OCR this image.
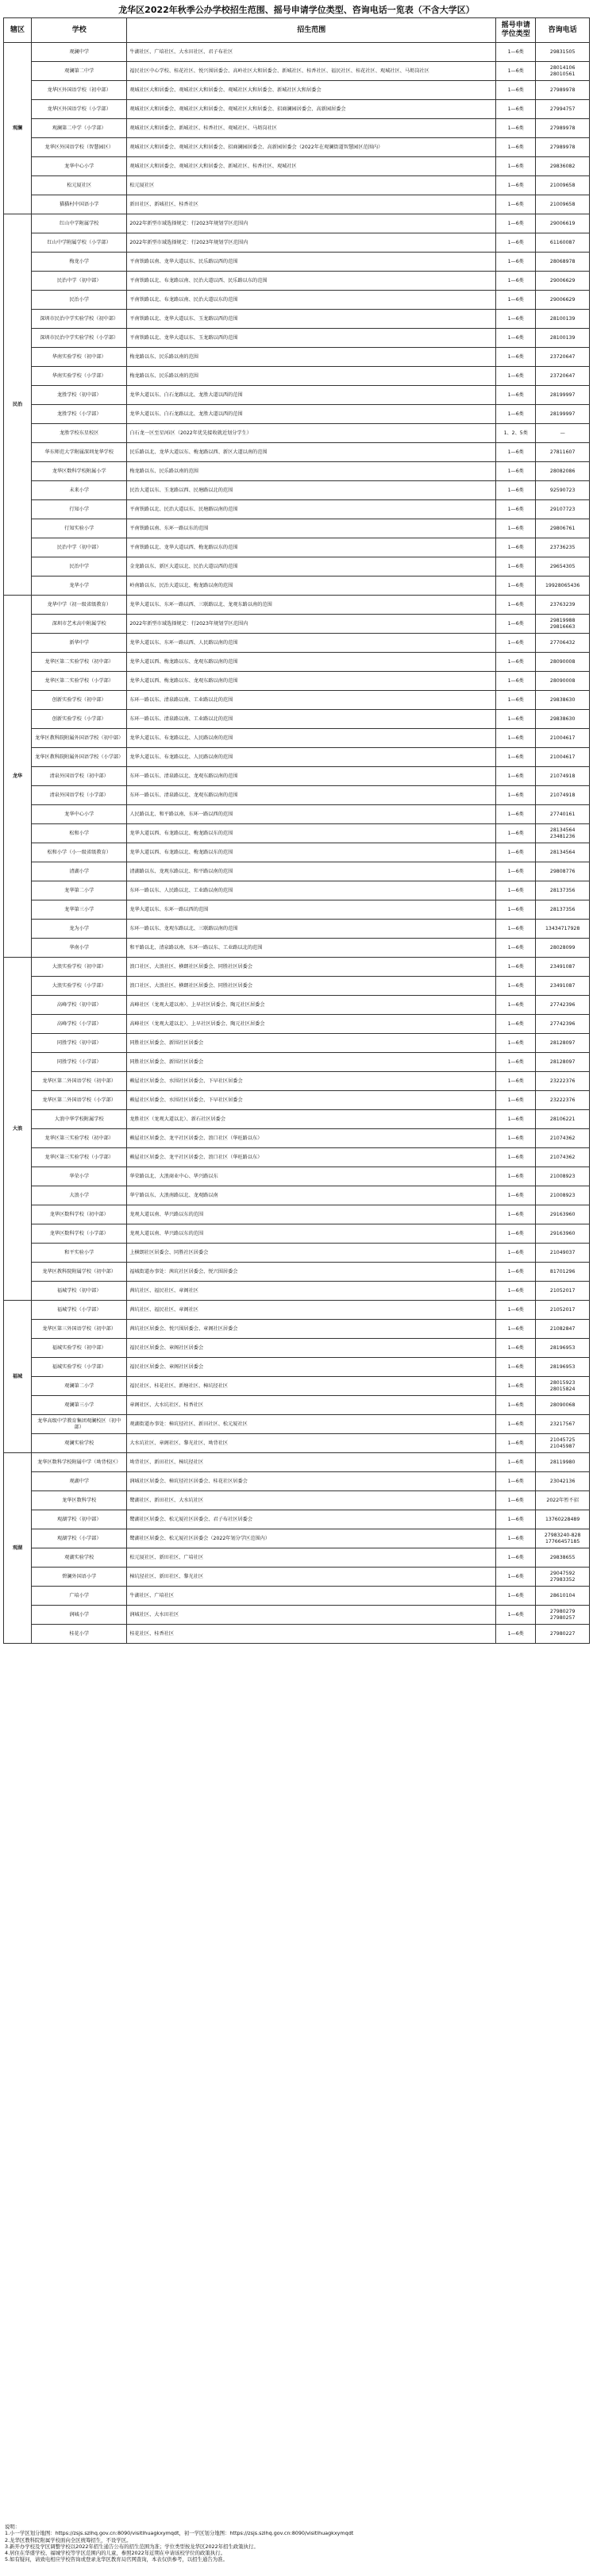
龙华区2022年秋季公办学校招生范围、摇号申请学位类型、咨询电话一览表（不含大学区）
辖区	学校	招生范围	摇号申请学位类型	咨询电话
观澜	观澜中学	牛湖社区、广培社区、大水田社区、君子布社区	1—6类	29831505
	观澜第二中学	福民社区中心学校、桂花社区、悦兴围居委会、高岭社区大和居委会、新城社区、桂香社区、福民社区、桂花社区、观城社区、马坜岗社区	1—6类	28014106
28010561
	龙华区外国语学校（初中部）	观城社区大和居委会、观城社区大和居委会、观城社区大和居委会、新城社区大和居委会	1—6类	27989978
	龙华区外国语学校（小学部）	观城社区大和居委会、观城社区大和居委会、观城社区大和居委会、招商澜园居委会、高新园居委会	1—6类	27994757
	观澜第二中学（小学部）	观城社区大和居委会、新城社区、桂香社区、观城社区、马坜岗社区	1—6类	27989978
	龙华区外国语学校（智慧园区）	观城社区大和居委会、观城社区大和居委会、招商澜园居委会、高新园居委会（2022年在观澜街道智慧园区范围内）	1—6类	27989978
	龙华中心小学	观城社区大和居委会、观城社区大和居委会、新城社区、桂香社区、观城社区	1—6类	29836082
	松元厦社区	松元厦社区	1—6类	21009658
	猫猫村中国语小学	新田社区、新城社区、桂香社区	1—6类	21009658
民治	红山中学附属学校	2022年新型市域选择规定：行2023年规划学区范围内	1—6类	29006619
	红山中学附属学校（小学部）	2022年新型市域选择规定：行2023年规划学区范围内	1—6类	61160087
	梅龙小学	平南铁路以南、龙华大道以东、民乐路以西的范围	1—6类	28068978
	民治中学（初中部）	平南铁路以北、布龙路以南、民治大道以西、民乐路以东的范围	1—6类	29006629
	民治小学	平南铁路以北、布龙路以南、民治大道以东的范围	1—6类	29006629
	深圳市民治中学实验学校（初中部）	平南铁路以北、龙华大道以东、玉龙路以西的范围	1—6类	28100139
	深圳市民治中学实验学校（小学部）	平南铁路以北、龙华大道以东、玉龙路以西的范围	1—6类	28100139
	华南实验学校（初中部）	梅龙路以东、民乐路以南的范围	1—6类	23720647
	华南实验学校（小学部）	梅龙路以东、民乐路以南的范围	1—6类	23720647
	龙胜学校（初中部）	龙华大道以东、白石龙路以北、龙胜大道以西的范围	1—6类	28199997
	龙胜学校（小学部）	龙华大道以东、白石龙路以北、龙胜大道以西的范围	1—6类	28199997
	龙胜学校东星校区	白石龙一区至星河ⅰ区（2022年优先接收就近划分学生）	1、2、5类	—
	华东师范大学附属深圳龙华学校	民乐路以北、龙华大道以东、梅龙路以西、新区大道以南的范围	1—6类	27811607
	龙华区数科学校附属小学	梅龙路以东、民乐路以南的范围	1—6类	28082086
	未来小学	民治大道以东、玉龙路以西、民塘路以北的范围	1—6类	92590723
	行知小学	平南铁路以北、民治大道以东、民塘路以南的范围	1—6类	29107723
	行知实验小学	平南铁路以南、东环一路以东的范围	1—6类	29806761
	民治中学（初中部）	平南铁路以北、龙华大道以西、梅龙路以东的范围	1—6类	23736235
	民治中学	金龙路以东、新区大道以北、民治大道以西的范围	1—6类	29654305
	龙华小学	岭南路以东、民治大道以北、梅龙路以南的范围	1—6类	19928065436
龙华	龙华中学（初一级省级教育）	龙华大道以东、东环一路以西、三联路以北、龙观东路以南的范围	1—6类	23763239
	深圳市艺术高中附属学校	2022年新型市域选择规定：行2023年规划学区范围内	1—6类	29819988
29816663
	新华中学	龙华大道以东、东环一路以西、人民路以南的范围	1—6类	27706432
	龙华区第二实验学校（初中部）	龙华大道以西、梅龙路以东、龙观东路以南的范围	1—6类	28090008
	龙华区第二实验学校（小学部）	龙华大道以西、梅龙路以东、龙观东路以南的范围	1—6类	28090008
	创新实验学校（初中部）	东环一路以东、清泉路以南、工业路以北的范围	1—6类	29838630
	创新实验学校（小学部）	东环一路以东、清泉路以南、工业路以北的范围	1—6类	29838630
	龙华区教科院附属外国语学校（初中部）	龙华大道以东、布龙路以北、人民路以南的范围	1—6类	21004617
	龙华区教科院附属外国语学校（小学部）	龙华大道以东、布龙路以北、人民路以南的范围	1—6类	21004617
	清泉外国语学校（初中部）	东环一路以东、清泉路以北、龙观东路以南的范围	1—6类	21074918
	清泉外国语学校（小学部）	东环一路以东、清泉路以北、龙观东路以南的范围	1—6类	21074918
	龙华中心小学	人民路以北、和平路以南、东环一路以西的范围	1—6类	27740161
	松和小学	龙华大道以西、布龙路以北、梅龙路以东的范围	1—6类	28134564
23481236
	松和小学（小一级省级教育）	龙华大道以西、布龙路以北、梅龙路以东的范围	1—6类	28134564
	清湖小学	清湖路以东、龙观东路以北、和平路以南的范围	1—6类	29808776
	龙华第二小学	东环一路以东、人民路以北、工业路以南的范围	1—6类	28137356
	龙华第三小学	龙华大道以东、东环一路以西的范围	1—6类	28137356
	龙为小学	东环一路以东、龙观东路以北、三联路以南的范围	1—6类	13434717928
	华南小学	和平路以北、清泉路以南、东环一路以东、工业路以北的范围	1—6类	28028099
大浪	大浪实验学校（初中部）	浪口社区、大浪社区、横朗社区居委会、同胜社区居委会	1—6类	23491087
	大浪实验学校（小学部）	浪口社区、大浪社区、横朗社区居委会、同胜社区居委会	1—6类	23491087
	高峰学校（初中部）	高峰社区（龙观大道以南）、上早社区居委会、陶元社区居委会	1—6类	27742396
	高峰学校（小学部）	高峰社区（龙观大道以北）、上早社区居委会、陶元社区居委会	1—6类	27742396
	同胜学校（初中部）	同胜社区居委会、新围社区居委会	1—6类	28128097
	同胜学校（小学部）	同胜社区居委会、新围社区居委会	1—6类	28128097
	龙华区第二外国语学校（初中部）	赖屋社区居委会、水围社区居委会、下早社区居委会	1—6类	23222376
	龙华区第二外国语学校（小学部）	赖屋社区居委会、水围社区居委会、下早社区居委会	1—6类	23222376
	大浪中华学校附属学校	龙胜社区（龙观大道以北）、新石社区居委会	1—6类	28106221
	龙华区第三实验学校（初中部）	赖屋社区居委会、龙平社区居委会、浪口社区（华旺路以东）	1—6类	21074362
	龙华区第三实验学校（小学部）	赖屋社区居委会、龙平社区居委会、浪口社区（华旺路以东）	1—6类	21074362
	华荣小学	华荣路以北、大浪商业中心、华兴路以东	1—6类	21008923
	大浪小学	华宁路以东、大浪南路以北、龙观路以南	1—6类	21008923
	龙华区数科学校（初中部）	龙观大道以南、华兴路以东的范围	1—6类	29163960
	龙华区数科学校（小学部）	龙观大道以南、华兴路以东的范围	1—6类	29163960
	和平实验小学	上横朗社区居委会、同胜社区居委会	1—6类	21049037
	龙华区教科院附属学校（初中部）	福城街道办事处：茜坑社区居委会、悦兴围居委会	1—6类	81701296
	福城学校（初中部）	茜坑社区、福民社区、章阁社区	1—6类	21052017
福城	福城学校（小学部）	茜坑社区、福民社区、章阁社区	1—6类	21052017
	龙华区第三外国语学校（初中部）	茜坑社区居委会、悦兴围居委会、章阁社区居委会	1—6类	21082847
	福城实验学校（初中部）	福民社区居委会、章阁社区居委会	1—6类	28196953
	福城实验学校（小学部）	福民社区居委会、章阁社区居委会	1—6类	28196953
	观澜第二小学	福民社区、桂花社区、新塘社区、樟坑径社区	1—6类	28015923
28015824
	观澜第三小学	章阁社区、大水坑社区、桂香社区	1—6类	28090068
	龙华高级中学教育集团观澜校区（初中部）	观湖街道办事处：樟坑径社区、新田社区、松元厦社区	1—6类	23217567
	观澜实验学校	大水坑社区、章阁社区、黎光社区、坳背社区	1—6类	21045725
21045987
观湖	龙华区数科学校附属中学（坳背校区）	坳背社区、新田社区、樟坑径社区	1—6类	28119980
	观湖中学	润城社区居委会、樟坑径社区居委会、桂花社区居委会	1—6类	23042136
	龙华区数科学校	鹭湖社区、新田社区、大水坑社区	1—6类	2022年暂不招
	观湖学校（初中部）	鹭湖社区居委会、松元厦社区居委会、君子布社区居委会	1—6类	13760228489
	观湖学校（小学部）	鹭湖社区居委会、松元厦社区居委会（2022年划分学区范围内）	1—6类	27983240-828
17766457185
	观湖实验学校	松元厦社区、新田社区、广培社区	1—6类	29838655
	碧澜外国语小学	樟坑径社区、新田社区、黎光社区	1—6类	29047592
27983352
	广培小学	牛湖社区、广培社区	1—6类	28610104
	润城小学	润城社区、大水田社区	1—6类	27980279
27980257
	桂花小学	桂花社区、桂香社区	1—6类	27980227

说明：

1.小一学区划分地图：https://zsjs.szlhq.gov.cn:8090/visitlhuagkxymqdt，初一学区划分地图：https://zsjs.szlhq.gov.cn:8090/visitlhuagkxymqdt

2.龙华区教科院附属学校面向全区统筹招生，不设学区。

3.新开办学校及学区调整学校以2022年招生通告公布的招生范围为准；学位类型按龙华区2022年招生政策执行。

4.居住在华盛学校、福城学校等学区范围内的儿童，参照2022年近期在申请该校学位的政策执行。

5.如有疑问，请致电相应学校咨询或登录龙华区教育局官网查询，本表仅供参考，以招生通告为准。
